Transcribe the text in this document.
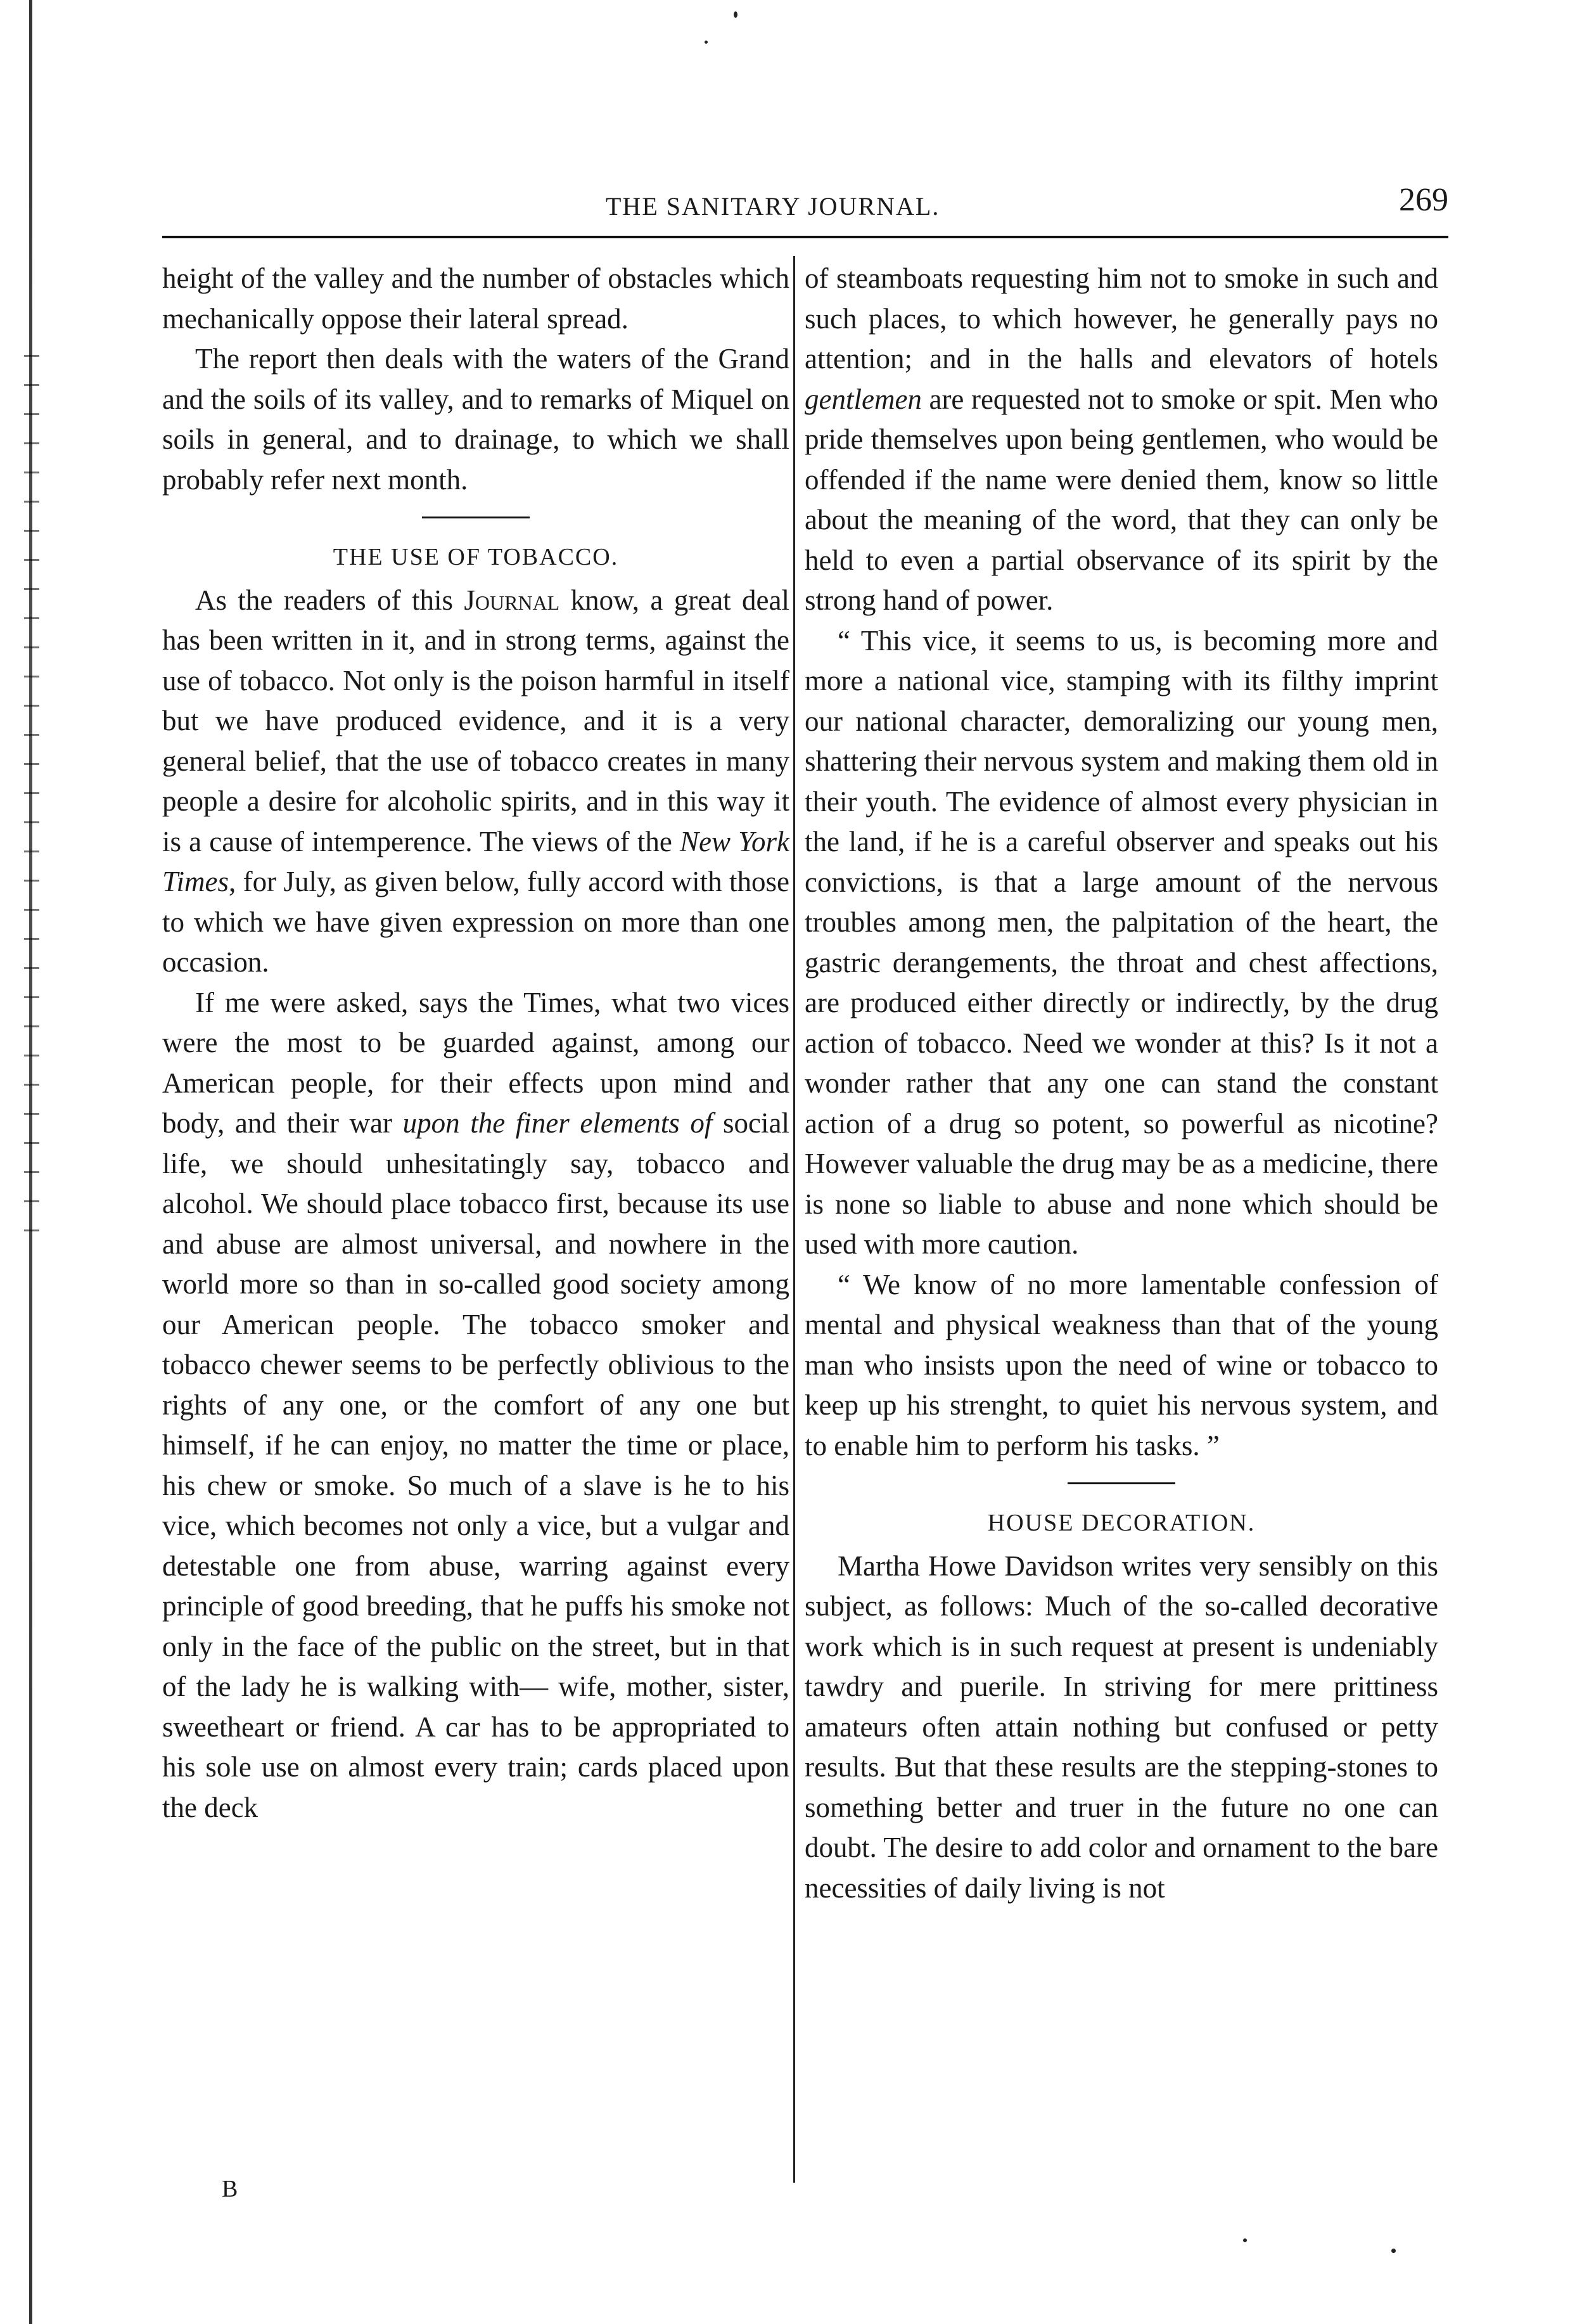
THE SANITARY JOURNAL.	269

height of the valley and the number of obstacles which mechanically oppose their lateral spread.

The report then deals with the waters of the Grand and the soils of its valley, and to remarks of Miquel on soils in general, and to drainage, to which we shall probably refer next month.

THE USE OF TOBACCO.

As the readers of this Journal know, a great deal has been written in it, and in strong terms, against the use of tobacco. Not only is the poison harmful in itself but we have produced evidence, and it is a very general belief, that the use of tobacco creates in many people a desire for alcoholic spirits, and in this way it is a cause of intemperence. The views of the New York Times, for July, as given below, fully accord with those to which we have given expression on more than one occasion.

If me were asked, says the Times, what two vices were the most to be guarded against, among our American people, for their effects upon mind and body, and their war upon the finer elements of social life, we should unhesitatingly say, tobacco and alcohol. We should place tobacco first, because its use and abuse are almost universal, and nowhere in the world more so than in so-called good society among our American people. The tobacco smoker and tobacco chewer seems to be perfectly oblivious to the rights of any one, or the comfort of any one but himself, if he can enjoy, no matter the time or place, his chew or smoke. So much of a slave is he to his vice, which becomes not only a vice, but a vulgar and detestable one from abuse, warring against every principle of good breeding, that he puffs his smoke not only in the face of the public on the street, but in that of the lady he is walking with— wife, mother, sister, sweetheart or friend. A car has to be appropriated to his sole use on almost every train; cards placed upon the deck

of steamboats requesting him not to smoke in such and such places, to which however, he generally pays no attention; and in the halls and elevators of hotels gentlemen are requested not to smoke or spit. Men who pride themselves upon being gentlemen, who would be offended if the name were denied them, know so little about the meaning of the word, that they can only be held to even a partial observance of its spirit by the strong hand of power.

“ This vice, it seems to us, is becoming more and more a national vice, stamping with its filthy imprint our national character, demoralizing our young men, shattering their nervous system and making them old in their youth. The evidence of almost every physician in the land, if he is a careful observer and speaks out his convictions, is that a large amount of the nervous troubles among men, the palpitation of the heart, the gastric derangements, the throat and chest affections, are produced either directly or indirectly, by the drug action of tobacco. Need we wonder at this? Is it not a wonder rather that any one can stand the constant action of a drug so potent, so powerful as nicotine? However valuable the drug may be as a medicine, there is none so liable to abuse and none which should be used with more caution.

“ We know of no more lamentable confession of mental and physical weakness than that of the young man who insists upon the need of wine or tobacco to keep up his strenght, to quiet his nervous system, and to enable him to perform his tasks. ”

HOUSE DECORATION.

Martha Howe Davidson writes very sensibly on this subject, as follows: Much of the so-called decorative work which is in such request at present is undeniably tawdry and puerile. In striving for mere prittiness amateurs often attain nothing but confused or petty results. But that these results are the stepping-stones to something better and truer in the future no one can doubt. The desire to add color and ornament to the bare necessities of daily living is not

B
